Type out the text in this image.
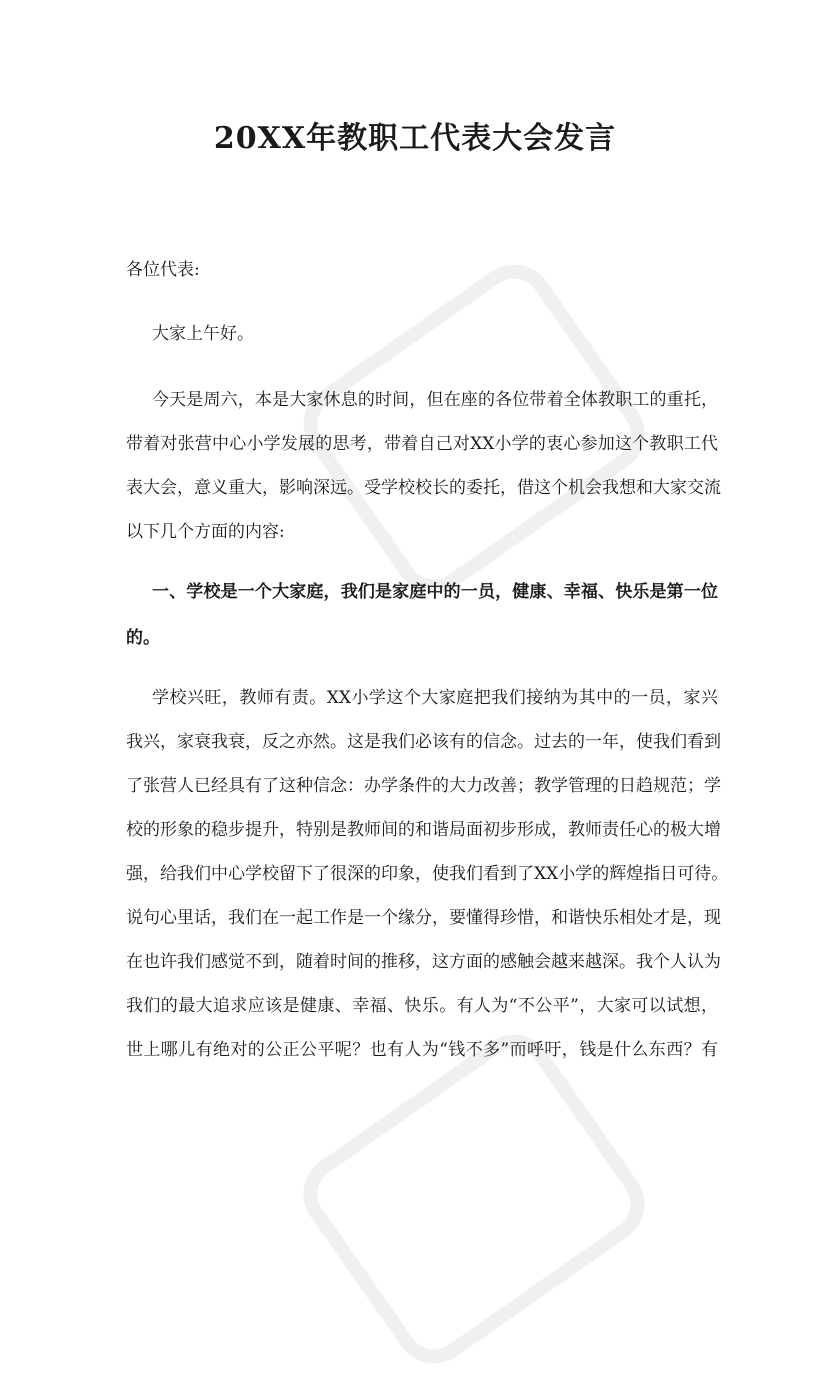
20XX年教职工代表大会发言
各位代表:
大家上午好。
今天是周六，本是大家休息的时间，但在座的各位带着全体教职工的重托，
带着对张营中心小学发展的思考，带着自己对XX小学的衷心参加这个教职工代
表大会，意义重大，影响深远。受学校校长的委托，借这个机会我想和大家交流
以下几个方面的内容:
一、学校是一个大家庭，我们是家庭中的一员，健康、幸福、快乐是第一位
的。
学校兴旺，教师有责。XX小学这个大家庭把我们接纳为其中的一员，家兴
我兴，家衰我衰，反之亦然。这是我们必该有的信念。过去的一年，使我们看到
了张营人已经具有了这种信念：办学条件的大力改善；教学管理的日趋规范；学
校的形象的稳步提升，特别是教师间的和谐局面初步形成，教师责任心的极大增
强，给我们中心学校留下了很深的印象，使我们看到了XX小学的辉煌指日可待。
说句心里话，我们在一起工作是一个缘分，要懂得珍惜，和谐快乐相处才是，现
在也许我们感觉不到，随着时间的推移，这方面的感触会越来越深。我个人认为
我们的最大追求应该是健康、幸福、快乐。有人为“不公平”，大家可以试想，
世上哪儿有绝对的公正公平呢？也有人为“钱不多”而呼吁，钱是什么东西？有
